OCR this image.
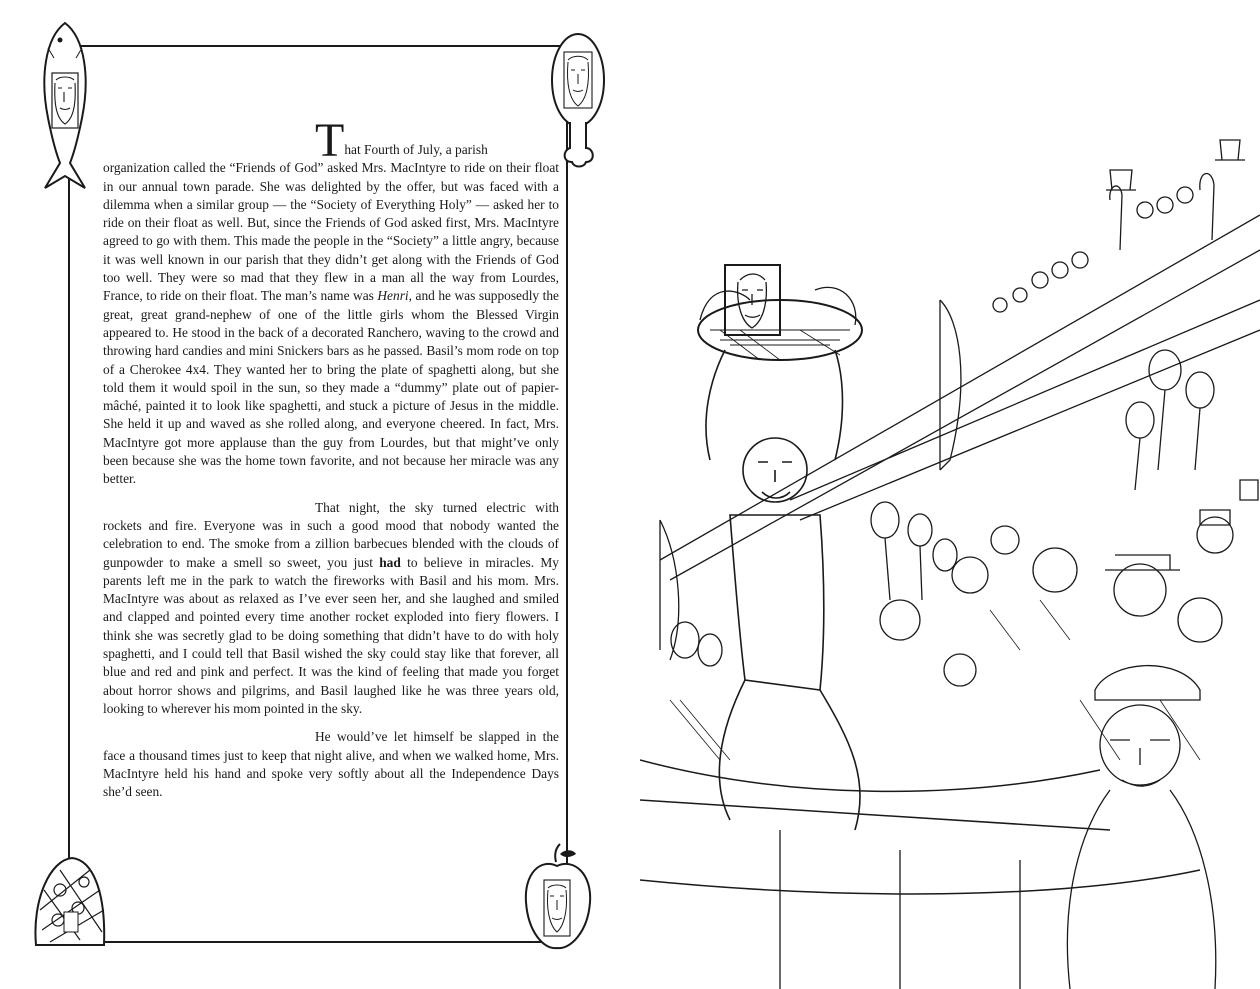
That Fourth of July, a parish
organization called the “Friends of God” asked Mrs. MacIntyre to ride on their float in our annual town parade. She was delighted by the offer, but was faced with a dilemma when a similar group — the “Society of Everything Holy” — asked her to ride on their float as well. But, since the Friends of God asked first, Mrs. MacIntyre agreed to go with them. This made the people in the “Society” a little angry, because it was well known in our parish that they didn’t get along with the Friends of God too well. They were so mad that they flew in a man all the way from Lourdes, France, to ride on their float. The man’s name was Henri, and he was supposedly the great, great grand-nephew of one of the little girls whom the Blessed Virgin appeared to. He stood in the back of a decorated Ranchero, waving to the crowd and throwing hard candies and mini Snickers bars as he passed. Basil’s mom rode on top of a Cherokee 4x4. They wanted her to bring the plate of spaghetti along, but she told them it would spoil in the sun, so they made a “dummy” plate out of papier-mâché, painted it to look like spaghetti, and stuck a picture of Jesus in the middle. She held it up and waved as she rolled along, and everyone cheered. In fact, Mrs. MacIntyre got more applause than the guy from Lourdes, but that might’ve only been because she was the home town favorite, and not because her miracle was any better.

That night, the sky turned electric with rockets and fire. Everyone was in such a good mood that nobody wanted the celebration to end. The smoke from a zillion barbecues blended with the clouds of gunpowder to make a smell so sweet, you just had to believe in miracles. My parents left me in the park to watch the fireworks with Basil and his mom. Mrs. MacIntyre was about as relaxed as I’ve ever seen her, and she laughed and smiled and clapped and pointed every time another rocket exploded into fiery flowers. I think she was secretly glad to be doing something that didn’t have to do with holy spaghetti, and I could tell that Basil wished the sky could stay like that forever, all blue and red and pink and perfect. It was the kind of feeling that made you forget about horror shows and pilgrims, and Basil laughed like he was three years old, looking to wherever his mom pointed in the sky.

He would’ve let himself be slapped in the face a thousand times just to keep that night alive, and when we walked home, Mrs. MacIntyre held his hand and spoke very softly about all the Independence Days she’d seen.
